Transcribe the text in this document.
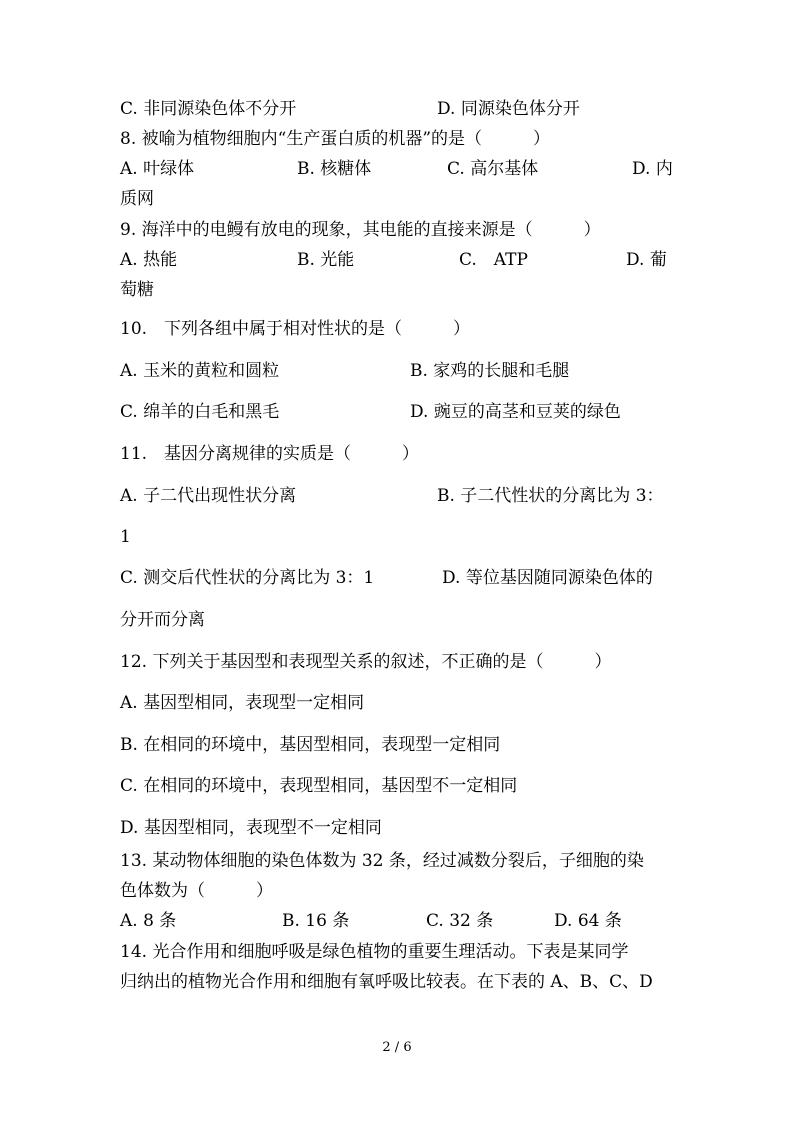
C. 非同源染色体不分开	D. 同源染色体分开
8. 被喻为植物细胞内“生产蛋白质的机器”的是（　　　）
A. 叶绿体	B. 核糖体	C. 高尔基体	D. 内
质网
9. 海洋中的电鳗有放电的现象，其电能的直接来源是（　　　）
A. 热能	B. 光能	C.　ATP	D. 葡
萄糖
10.　下列各组中属于相对性状的是（　　　）
A. 玉米的黄粒和圆粒	B. 家鸡的长腿和毛腿
C. 绵羊的白毛和黑毛	D. 豌豆的高茎和豆荚的绿色
11.　基因分离规律的实质是（　　　）
A. 子二代出现性状分离	B. 子二代性状的分离比为 3：
1
C. 测交后代性状的分离比为 3：1	D. 等位基因随同源染色体的
分开而分离
12. 下列关于基因型和表现型关系的叙述，不正确的是（　　　）
A. 基因型相同，表现型一定相同
B. 在相同的环境中，基因型相同，表现型一定相同
C. 在相同的环境中，表现型相同，基因型不一定相同
D. 基因型相同，表现型不一定相同
13. 某动物体细胞的染色体数为 32 条，经过减数分裂后，子细胞的染
色体数为（　　　）
A. 8 条	B. 16 条	C. 32 条	D. 64 条
14. 光合作用和细胞呼吸是绿色植物的重要生理活动。下表是某同学
归纳出的植物光合作用和细胞有氧呼吸比较表。在下表的 A、B、C、D
2 / 6
